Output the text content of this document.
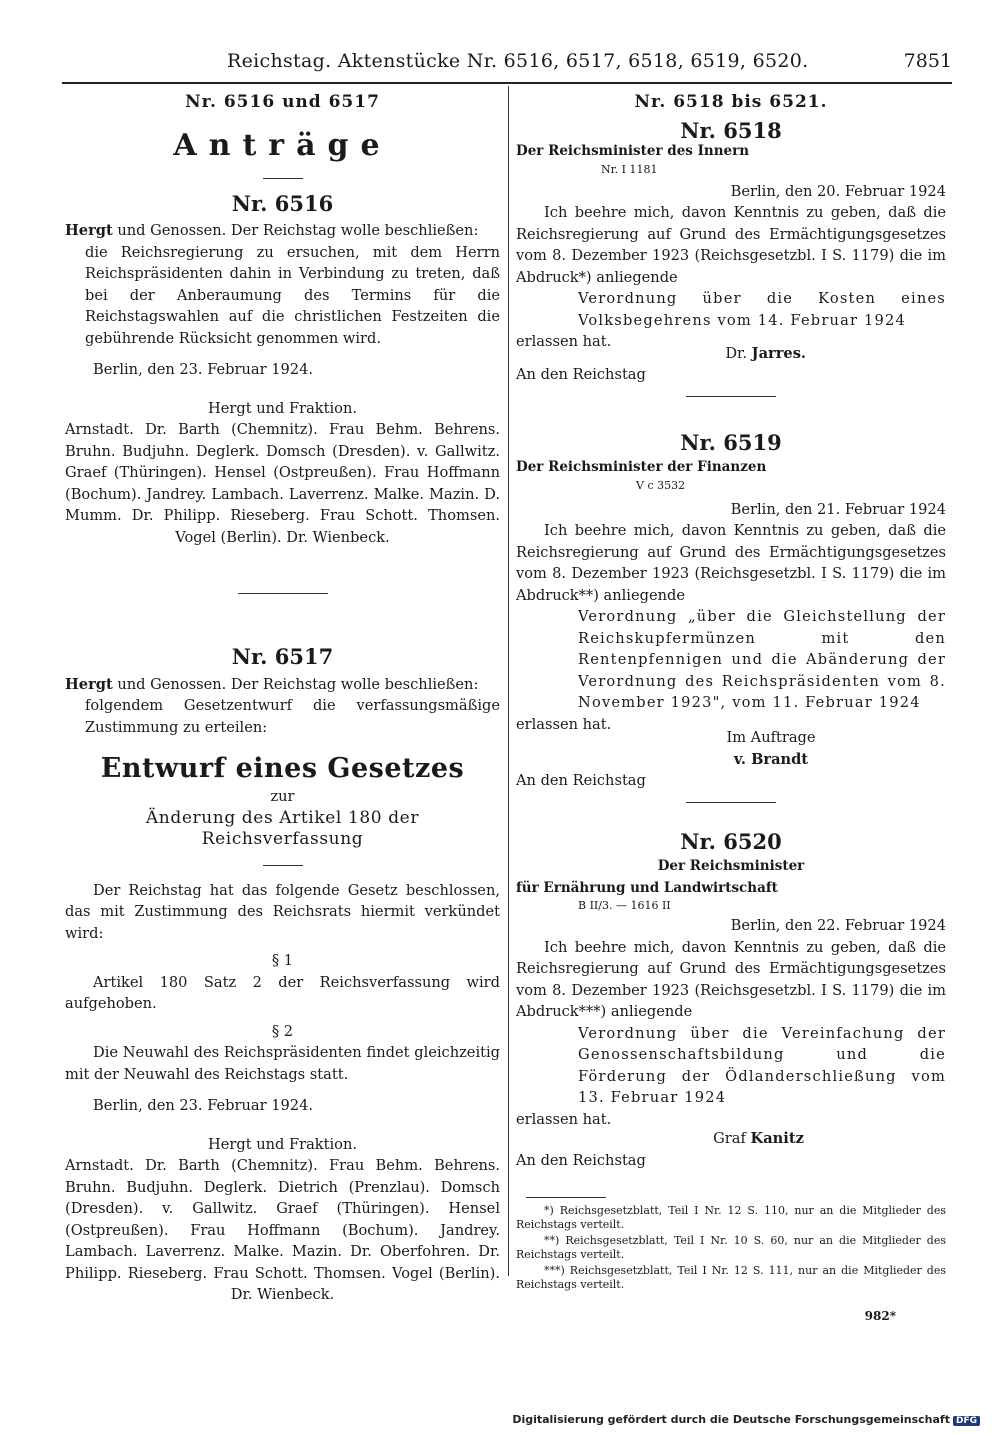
Reichstag. Aktenstücke Nr. 6516, 6517, 6518, 6519, 6520.	7851
Nr. 6516 und 6517
Anträge
Nr. 6516
Hergt und Genossen. Der Reichstag wolle beschließen:
die Reichsregierung zu ersuchen, mit dem Herrn Reichspräsidenten dahin in Verbindung zu treten, daß bei der Anberaumung des Termins für die Reichstagswahlen auf die christlichen Festzeiten die gebührende Rücksicht genommen wird.
Berlin, den 23. Februar 1924.
Hergt und Fraktion.
Arnstadt. Dr. Barth (Chemnitz). Frau Behm. Behrens. Bruhn. Budjuhn. Deglerk. Domsch (Dresden). v. Gallwitz. Graef (Thüringen). Hensel (Ostpreußen). Frau Hoffmann (Bochum). Jandrey. Lambach. Laverrenz. Malke. Mazin. D. Mumm. Dr. Philipp. Rieseberg. Frau Schott. Thomsen. Vogel (Berlin). Dr. Wienbeck.
Nr. 6517
Hergt und Genossen. Der Reichstag wolle beschließen:
folgendem Gesetzentwurf die verfassungsmäßige Zustimmung zu erteilen:
Entwurf eines Gesetzes
zur
Änderung des Artikel 180 der Reichsverfassung
Der Reichstag hat das folgende Gesetz beschlossen, das mit Zustimmung des Reichsrats hiermit verkündet wird:
§ 1
Artikel 180 Satz 2 der Reichsverfassung wird aufgehoben.
§ 2
Die Neuwahl des Reichspräsidenten findet gleichzeitig mit der Neuwahl des Reichstags statt.
Berlin, den 23. Februar 1924.
Hergt und Fraktion.
Arnstadt. Dr. Barth (Chemnitz). Frau Behm. Behrens. Bruhn. Budjuhn. Deglerk. Dietrich (Prenzlau). Domsch (Dresden). v. Gallwitz. Graef (Thüringen). Hensel (Ostpreußen). Frau Hoffmann (Bochum). Jandrey. Lambach. Laverrenz. Malke. Mazin. Dr. Oberfohren. Dr. Philipp. Rieseberg. Frau Schott. Thomsen. Vogel (Berlin). Dr. Wienbeck.
Nr. 6518 bis 6521.
Nr. 6518
Der Reichsminister des Innern
Nr. I 1181
Berlin, den 20. Februar 1924
Ich beehre mich, davon Kenntnis zu geben, daß die Reichsregierung auf Grund des Ermächtigungsgesetzes vom 8. Dezember 1923 (Reichsgesetzbl. I S. 1179) die im Abdruck*) anliegende
Verordnung über die Kosten eines Volksbegehrens vom 14. Februar 1924
erlassen hat.
Dr. Jarres.
An den Reichstag
Nr. 6519
Der Reichsminister der Finanzen
V c 3532
Berlin, den 21. Februar 1924
Ich beehre mich, davon Kenntnis zu geben, daß die Reichsregierung auf Grund des Ermächtigungsgesetzes vom 8. Dezember 1923 (Reichsgesetzbl. I S. 1179) die im Abdruck**) anliegende
Verordnung „über die Gleichstellung der Reichskupfermünzen mit den Rentenpfennigen und die Abänderung der Verordnung des Reichspräsidenten vom 8. November 1923", vom 11. Februar 1924
erlassen hat.
Im Auftrage
v. Brandt
An den Reichstag
Nr. 6520
Der Reichsminister
für Ernährung und Landwirtschaft
B II/3. — 1616 II
Berlin, den 22. Februar 1924
Ich beehre mich, davon Kenntnis zu geben, daß die Reichsregierung auf Grund des Ermächtigungsgesetzes vom 8. Dezember 1923 (Reichsgesetzbl. I S. 1179) die im Abdruck***) anliegende
Verordnung über die Vereinfachung der Genossenschaftsbildung und die Förderung der Ödlanderschließung vom 13. Februar 1924
erlassen hat.
Graf Kanitz
An den Reichstag
*) Reichsgesetzblatt, Teil I Nr. 12 S. 110, nur an die Mitglieder des Reichstags verteilt.
**) Reichsgesetzblatt, Teil I Nr. 10 S. 60, nur an die Mitglieder des Reichstags verteilt.
***) Reichsgesetzblatt, Teil I Nr. 12 S. 111, nur an die Mitglieder des Reichstags verteilt.
982*
Digitalisierung gefördert durch die Deutsche Forschungsgemeinschaft DFG
